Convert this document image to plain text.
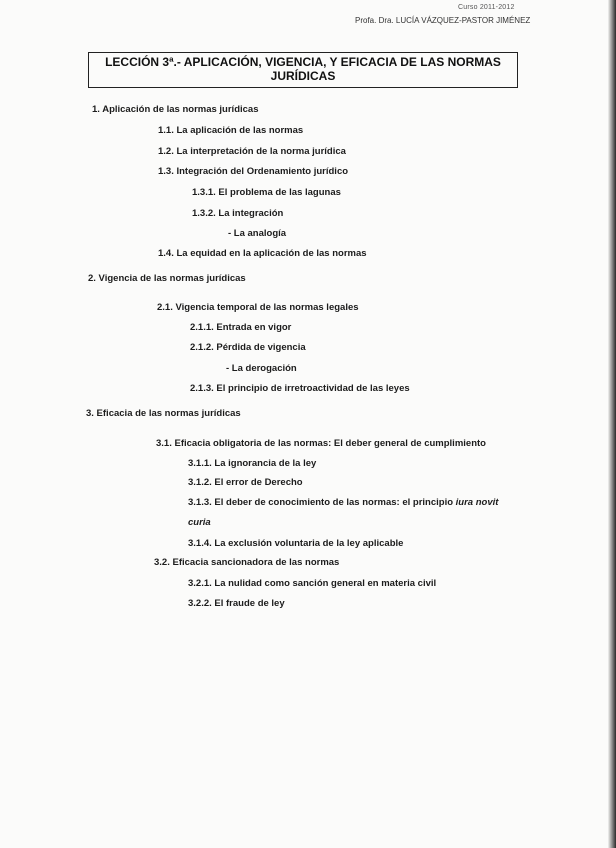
Curso 2011-2012
Profa. Dra. LUCÍA VÁZQUEZ-PASTOR JIMÉNEZ
LECCIÓN 3ª.- APLICACIÓN, VIGENCIA, Y EFICACIA DE LAS NORMAS
JURÍDICAS
1. Aplicación de las normas jurídicas
1.1. La aplicación de las normas
1.2. La interpretación de la norma jurídica
1.3. Integración del Ordenamiento jurídico
1.3.1. El problema de las lagunas
1.3.2. La integración
- La analogía
1.4. La equidad en la aplicación de las normas
2. Vigencia de las normas jurídicas
2.1. Vigencia temporal de las normas legales
2.1.1. Entrada en vigor
2.1.2. Pérdida de vigencia
- La derogación
2.1.3. El principio de irretroactividad de las leyes
3. Eficacia de las normas jurídicas
3.1. Eficacia obligatoria de las normas: El deber general de cumplimiento
3.1.1. La ignorancia de la ley
3.1.2. El error de Derecho
3.1.3. El deber de conocimiento de las normas: el principio iura novit
curia
3.1.4. La exclusión voluntaria de la ley aplicable
3.2. Eficacia sancionadora de las normas
3.2.1. La nulidad como sanción general en materia civil
3.2.2. El fraude de ley
